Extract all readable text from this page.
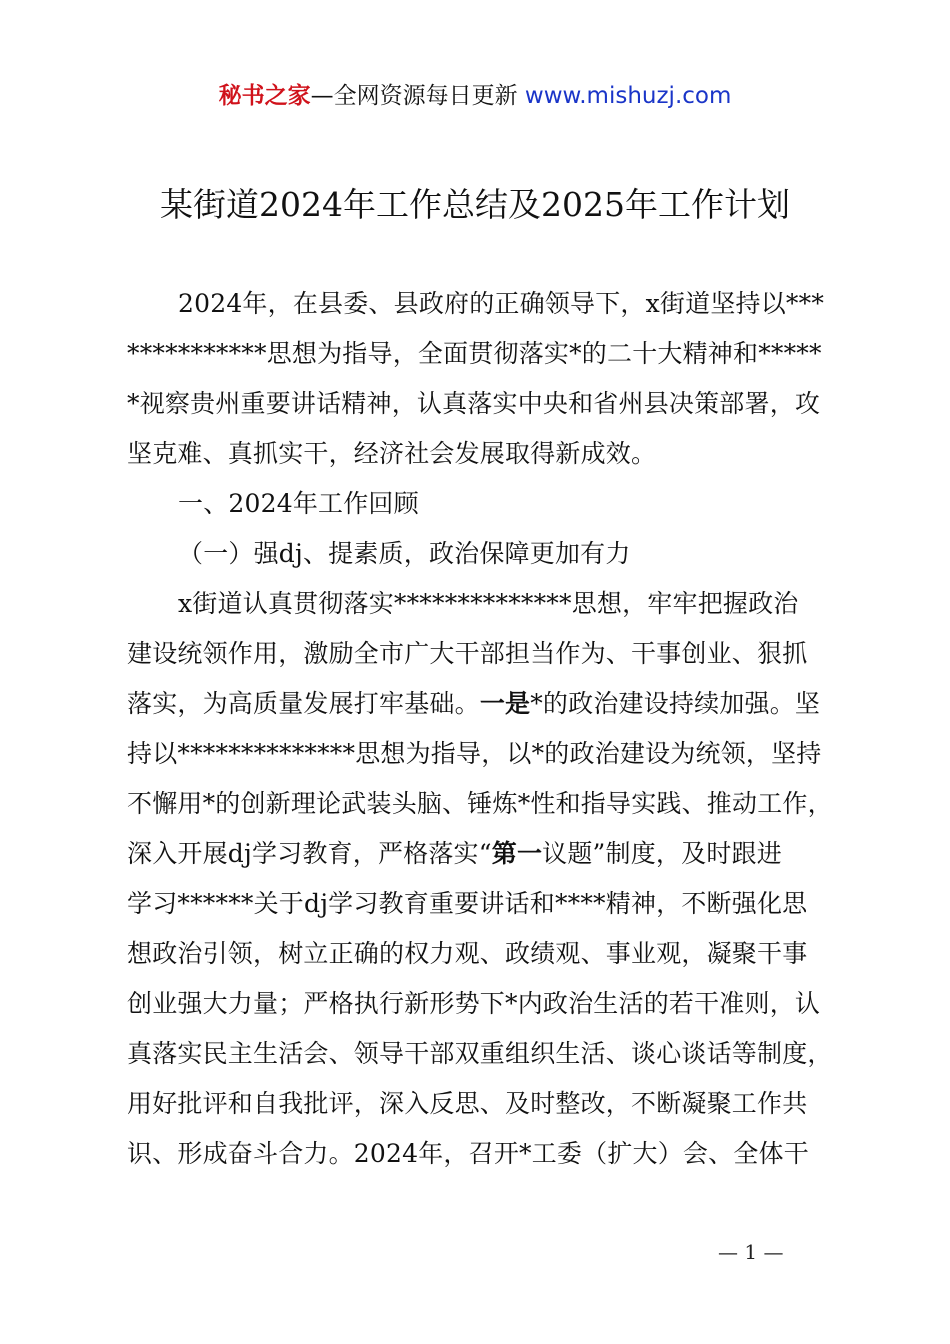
秘书之家—全网资源每日更新 www.mishuzj.com
某街道2024年工作总结及2025年工作计划
2024年，在县委、县政府的正确领导下，x街道坚持以***
***********思想为指导，全面贯彻落实*的二十大精神和*****
*视察贵州重要讲话精神，认真落实中央和省州县决策部署，攻
坚克难、真抓实干，经济社会发展取得新成效。
一、2024年工作回顾
（一）强dj、提素质，政治保障更加有力
x街道认真贯彻落实**************思想，牢牢把握政治
建设统领作用，激励全市广大干部担当作为、干事创业、狠抓
落实，为高质量发展打牢基础。一是*的政治建设持续加强。坚
持以**************思想为指导，以*的政治建设为统领，坚持
不懈用*的创新理论武装头脑、锤炼*性和指导实践、推动工作，
深入开展dj学习教育，严格落实“第一议题”制度，及时跟进
学习******关于dj学习教育重要讲话和****精神，不断强化思
想政治引领，树立正确的权力观、政绩观、事业观，凝聚干事
创业强大力量；严格执行新形势下*内政治生活的若干准则，认
真落实民主生活会、领导干部双重组织生活、谈心谈话等制度，
用好批评和自我批评，深入反思、及时整改，不断凝聚工作共
识、形成奋斗合力。2024年，召开*工委（扩大）会、全体干
— 1 —
